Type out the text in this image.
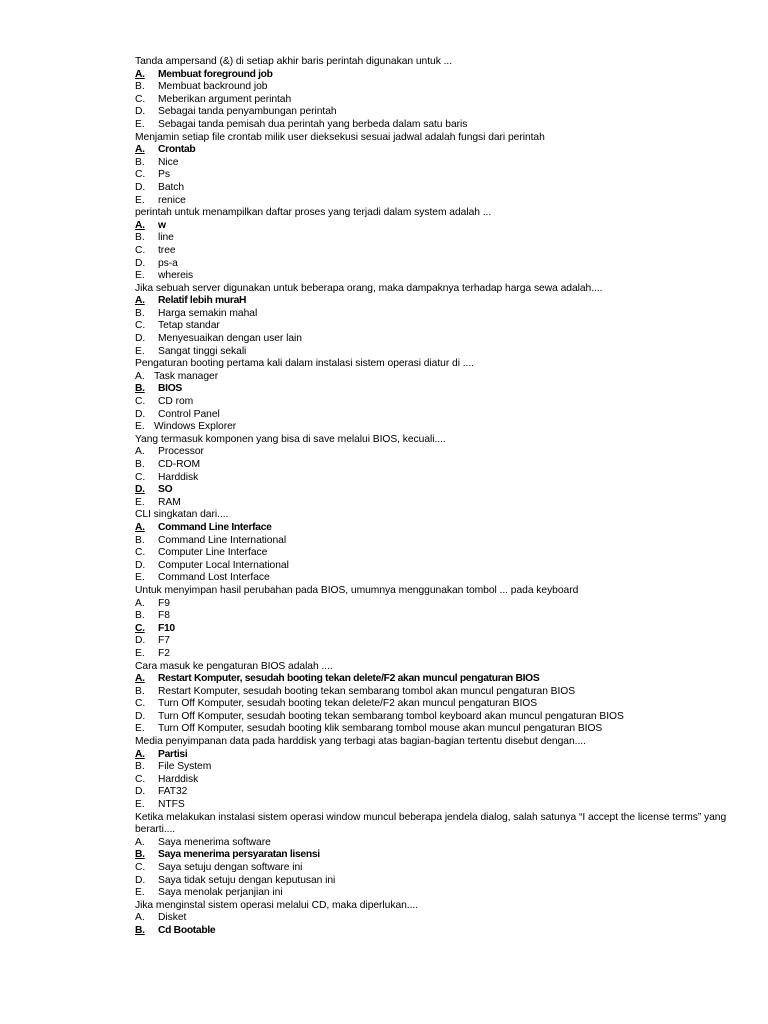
Tanda ampersand (&) di setiap akhir baris perintah digunakan untuk ...

A.	Membuat foreground job
B.	Membuat backround job
C.	Meberikan argument perintah
D.	Sebagai tanda penyambungan perintah
E.	Sebagai tanda pemisah dua perintah yang berbeda dalam satu baris

Menjamin setiap file crontab milik user dieksekusi sesuai jadwal adalah fungsi dari perintah

A.	Crontab
B.	Nice
C.	Ps
D.	Batch
E.	renice

perintah untuk menampilkan daftar proses yang terjadi dalam system adalah ...

A.	w
B.	line
C.	tree
D.	ps-a
E.	whereis

Jika sebuah server digunakan untuk beberapa orang, maka dampaknya terhadap harga sewa adalah....

A.	Relatif lebih muraH
B.	Harga semakin mahal
C.	Tetap standar
D.	Menyesuaikan dengan user lain
E.	Sangat tinggi sekali

Pengaturan booting pertama kali dalam instalasi sistem operasi diatur di ....

A. Task manager
B.	BIOS
C.	CD rom
D.	Control Panel
E. Windows Explorer

Yang termasuk komponen yang bisa di save melalui BIOS, kecuali....

A.	Processor
B.	CD-ROM
C.	Harddisk
D.	SO
E.	RAM

CLI singkatan dari....

A.	Command Line Interface
B.	Command Line International
C.	Computer Line Interface
D.	Computer Local International
E.	Command Lost Interface

Untuk menyimpan hasil perubahan pada BIOS, umumnya menggunakan tombol ... pada keyboard

A.	F9
B.	F8
C.	F10
D.	F7
E.	F2

Cara masuk ke pengaturan BIOS adalah ....

A.	Restart Komputer, sesudah booting tekan delete/F2 akan muncul pengaturan BIOS
B.	Restart Komputer, sesudah booting tekan sembarang tombol akan muncul pengaturan BIOS
C.	Turn Off Komputer, sesudah booting tekan delete/F2 akan muncul pengaturan BIOS
D.	Turn Off Komputer, sesudah booting tekan sembarang tombol keyboard akan muncul pengaturan BIOS
E.	Turn Off Komputer, sesudah booting klik sembarang tombol mouse akan muncul pengaturan BIOS

Media penyimpanan data pada harddisk yang terbagi atas bagian-bagian tertentu disebut dengan....

A.	Partisi
B.	File System
C.	Harddisk
D.	FAT32
E.	NTFS

Ketika melakukan instalasi sistem operasi window muncul beberapa jendela dialog, salah satunya “I accept the license terms” yang berarti....

A.	Saya menerima software
B.	Saya menerima persyaratan lisensi
C.	Saya setuju dengan software ini
D.	Saya tidak setuju dengan keputusan ini
E.	Saya menolak perjanjian ini

Jika menginstal sistem operasi melalui CD, maka diperlukan....

A.	Disket
B.	Cd Bootable
